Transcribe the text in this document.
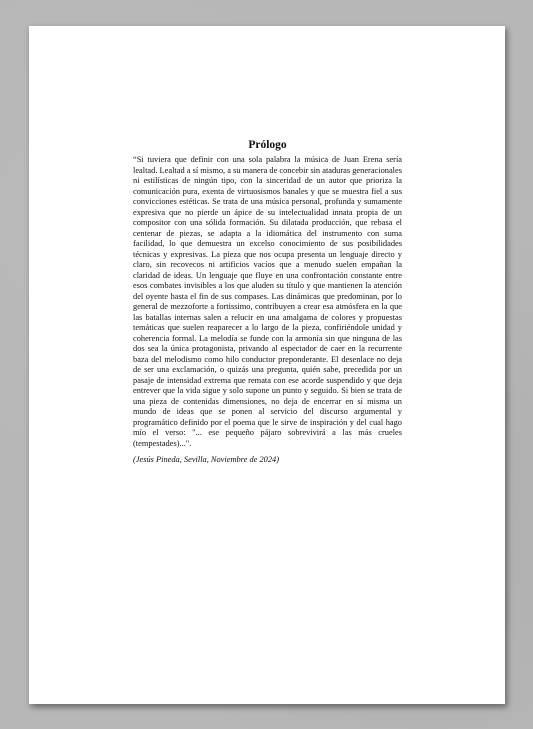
Prólogo

“Si tuviera que definir con una sola palabra la música de Juan Erena sería lealtad. Lealtad a sí mismo, a su manera de concebir sin ataduras generacionales ni estilísticas de ningún tipo, con la sinceridad de un autor que prioriza la comunicación pura, exenta de virtuosismos banales y que se muestra fiel a sus convicciones estéticas. Se trata de una música personal, profunda y sumamente expresiva que no pierde un ápice de su intelectualidad innata propia de un compositor con una sólida formación. Su dilatada producción, que rebasa el centenar de piezas, se adapta a la idiomática del instrumento con suma facilidad, lo que demuestra un excelso conocimiento de sus posibilidades técnicas y expresivas. La pieza que nos ocupa presenta un lenguaje directo y claro, sin recovecos ni artificios vacíos que a menudo suelen empañan la claridad de ideas. Un lenguaje que fluye en una confrontación constante entre esos combates invisibles a los que aluden su título y que mantienen la atención del oyente hasta el fin de sus compases. Las dinámicas que predominan, por lo general de mezzoforte a fortissimo, contribuyen a crear esa atmósfera en la que las batallas internas salen a relucir en una amalgama de colores y propuestas temáticas que suelen reaparecer a lo largo de la pieza, confiriéndole unidad y coherencia formal. La melodía se funde con la armonía sin que ninguna de las dos sea la única protagonista, privando al espectador de caer en la recurrente baza del melodismo como hilo conductor preponderante. El desenlace no deja de ser una exclamación, o quizás una pregunta, quién sabe, precedida por un pasaje de intensidad extrema que remata con ese acorde suspendido y que deja entrever que la vida sigue y solo supone un punto y seguido. Si bien se trata de una pieza de contenidas dimensiones, no deja de encerrar en sí misma un mundo de ideas que se ponen al servicio del discurso argumental y programático definido por el poema que le sirve de inspiración y del cual hago mío el verso: "... ese pequeño pájaro sobrevivirá a las más crueles (tempestades)...".

(Jesús Pineda, Sevilla, Noviembre de 2024)
